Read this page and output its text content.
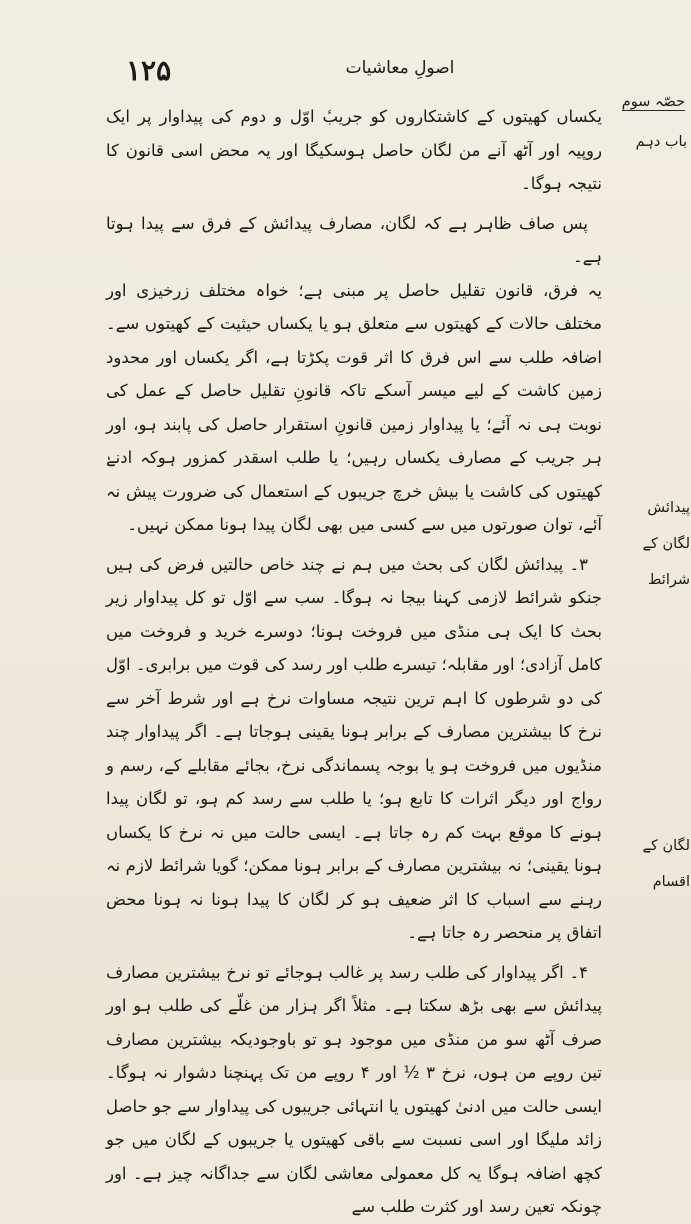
۱۲۵	اصولِ معاشیات
حصّہ سوم
باب دہم
پیدائش
لگان کے
شرائط
لگان کے
اقسام

یکساں کھیتوں کے کاشتکاروں کو جریبٔ اوّل و دوم کی پیداوار پر ایک روپیہ اور آٹھ آنے من لگان حاصل ہوسکیگا اور یہ محض اسی قانون کا نتیجہ ہوگا۔

پس صاف ظاہر ہے کہ لگان، مصارف پیدائش کے فرق سے پیدا ہوتا ہے۔

یہ فرق، قانون تقلیل حاصل پر مبنی ہے؛ خواہ مختلف زرخیزی اور مختلف حالات کے کھیتوں سے متعلق ہو یا یکساں حیثیت کے کھیتوں سے۔ اضافہ طلب سے اس فرق کا اثر قوت پکڑتا ہے، اگر یکساں اور محدود زمین کاشت کے لیے میسر آسکے تاکہ قانونِ تقلیل حاصل کے عمل کی نوبت ہی نہ آئے؛ یا پیداوار زمین قانونِ استقرار حاصل کی پابند ہو، اور ہر جریب کے مصارف یکساں رہیں؛ یا طلب اسقدر کمزور ہوکہ ادنےٰ کھیتوں کی کاشت یا بیش خرچ جریبوں کے استعمال کی ضرورت پیش نہ آئے، توان صورتوں میں سے کسی میں بھی لگان پیدا ہونا ممکن نہیں۔

۳۔ پیدائش لگان کی بحث میں ہم نے چند خاص حالتیں فرض کی ہیں جنکو شرائط لازمی کہنا بیجا نہ ہوگا۔ سب سے اوّل تو کل پیداوار زیر بحث کا ایک ہی منڈی میں فروخت ہونا؛ دوسرے خرید و فروخت میں کامل آزادی؛ اور مقابلہ؛ تیسرے طلب اور رسد کی قوت میں برابری۔ اوّل کی دو شرطوں کا اہم ترین نتیجہ مساوات نرخ ہے اور شرط آخر سے نرخ کا بیشترین مصارف کے برابر ہونا یقینی ہوجاتا ہے۔ اگر پیداوار چند منڈیوں میں فروخت ہو یا بوجہ پسماندگی نرخ، بجائے مقابلے کے، رسم و رواج اور دیگر اثرات کا تابع ہو؛ یا طلب سے رسد کم ہو، تو لگان پیدا ہونے کا موقع بہت کم رہ جاتا ہے۔ ایسی حالت میں نہ نرخ کا یکساں ہونا یقینی؛ نہ بیشترین مصارف کے برابر ہونا ممکن؛ گویا شرائط لازم نہ رہنے سے اسباب کا اثر ضعیف ہو کر لگان کا پیدا ہونا نہ ہونا محض اتفاق پر منحصر رہ جاتا ہے۔

۴۔ اگر پیداوار کی طلب رسد پر غالب ہوجائے تو نرخ بیشترین مصارف پیدائش سے بھی بڑھ سکتا ہے۔ مثلاً اگر ہزار من غلّے کی طلب ہو اور صرف آٹھ سو من منڈی میں موجود ہو تو باوجودیکہ بیشترین مصارف تین روپے من ہوں، نرخ ۳ ½ اور ۴ روپے من تک پہنچنا دشوار نہ ہوگا۔ ایسی حالت میں ادنیٰ کھیتوں یا انتہائی جریبوں کی پیداوار سے جو حاصل زائد ملیگا اور اسی نسبت سے باقی کھیتوں یا جریبوں کے لگان میں جو کچھ اضافہ ہوگا یہ کل معمولی معاشی لگان سے جداگانہ چیز ہے۔ اور چونکہ تعین رسد اور کثرت طلب سے
